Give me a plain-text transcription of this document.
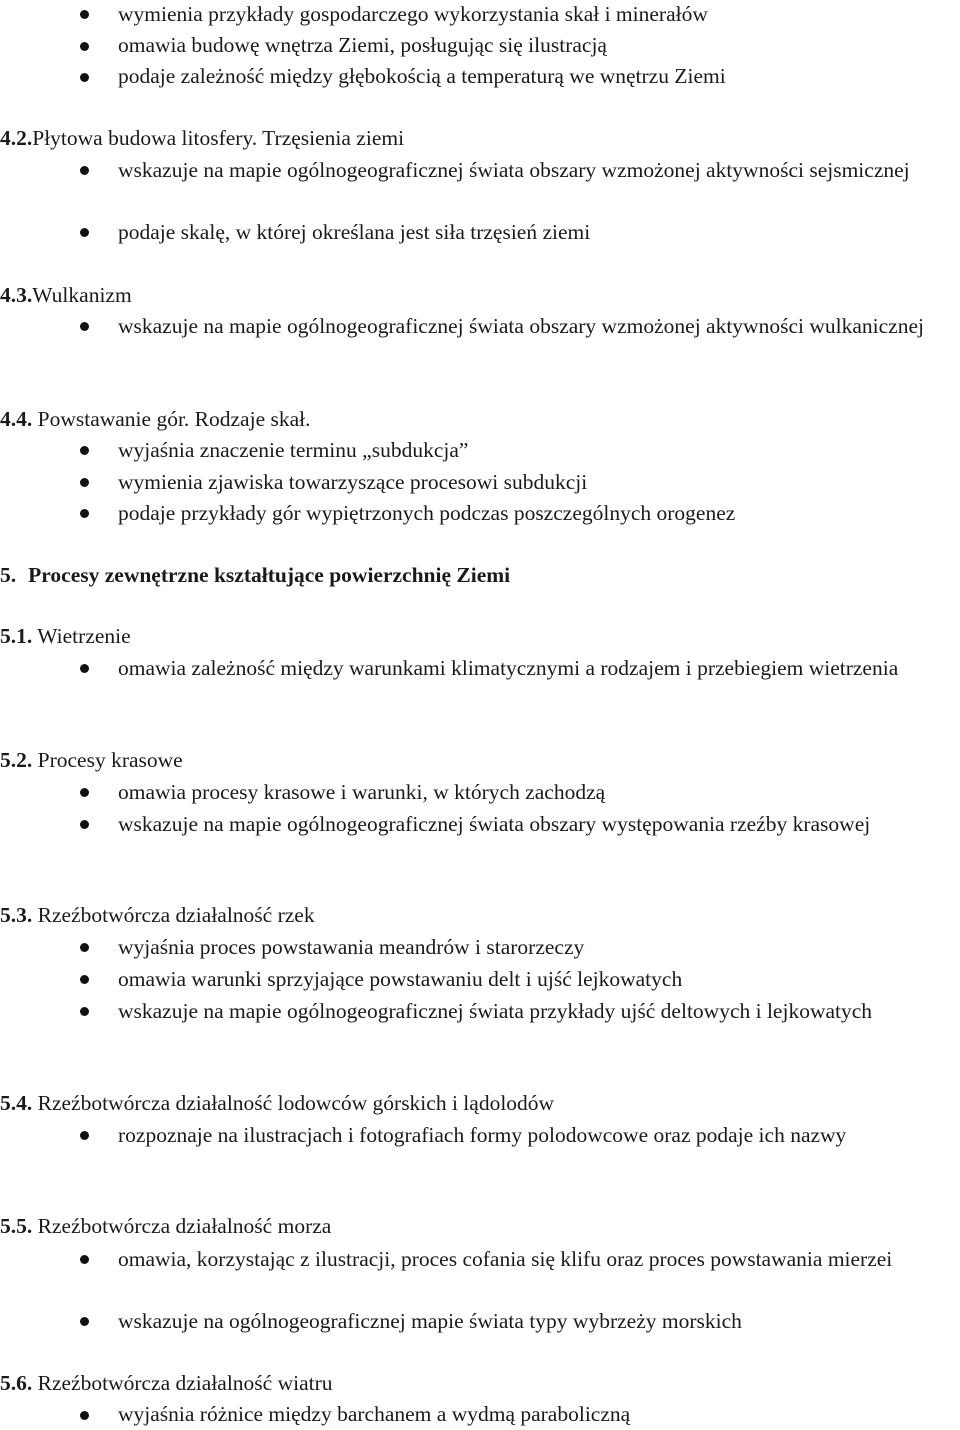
wymienia przykłady gospodarczego wykorzystania skał i minerałów
omawia budowę wnętrza Ziemi, posługując się ilustracją
podaje zależność między głębokością a temperaturą we wnętrzu Ziemi
4.2.Płytowa budowa litosfery. Trzęsienia ziemi
wskazuje na mapie ogólnogeograficznej świata obszary wzmożonej aktywności sejsmicznej
podaje skalę, w której określana jest siła trzęsień ziemi
4.3.Wulkanizm
wskazuje na mapie ogólnogeograficznej świata obszary wzmożonej aktywności wulkanicznej
4.4. Powstawanie gór. Rodzaje skał.
wyjaśnia znaczenie terminu „subdukcja”
wymienia zjawiska towarzyszące procesowi subdukcji
podaje przykłady gór wypiętrzonych podczas poszczególnych orogenez
5. Procesy zewnętrzne kształtujące powierzchnię Ziemi
5.1. Wietrzenie
omawia zależność między warunkami klimatycznymi a rodzajem i przebiegiem wietrzenia
5.2. Procesy krasowe
omawia procesy krasowe i warunki, w których zachodzą
wskazuje na mapie ogólnogeograficznej świata obszary występowania rzeźby krasowej
5.3. Rzeźbotwórcza działalność rzek
wyjaśnia proces powstawania meandrów i starorzeczy
omawia warunki sprzyjające powstawaniu delt i ujść lejkowatych
wskazuje na mapie ogólnogeograficznej świata przykłady ujść deltowych i lejkowatych
5.4. Rzeźbotwórcza działalność lodowców górskich i lądolodów
rozpoznaje na ilustracjach i fotografiach formy polodowcowe oraz podaje ich nazwy
5.5. Rzeźbotwórcza działalność morza
omawia, korzystając z ilustracji, proces cofania się klifu oraz proces powstawania mierzei
wskazuje na ogólnogeograficznej mapie świata typy wybrzeży morskich
5.6. Rzeźbotwórcza działalność wiatru
wyjaśnia różnice między barchanem a wydmą paraboliczną
